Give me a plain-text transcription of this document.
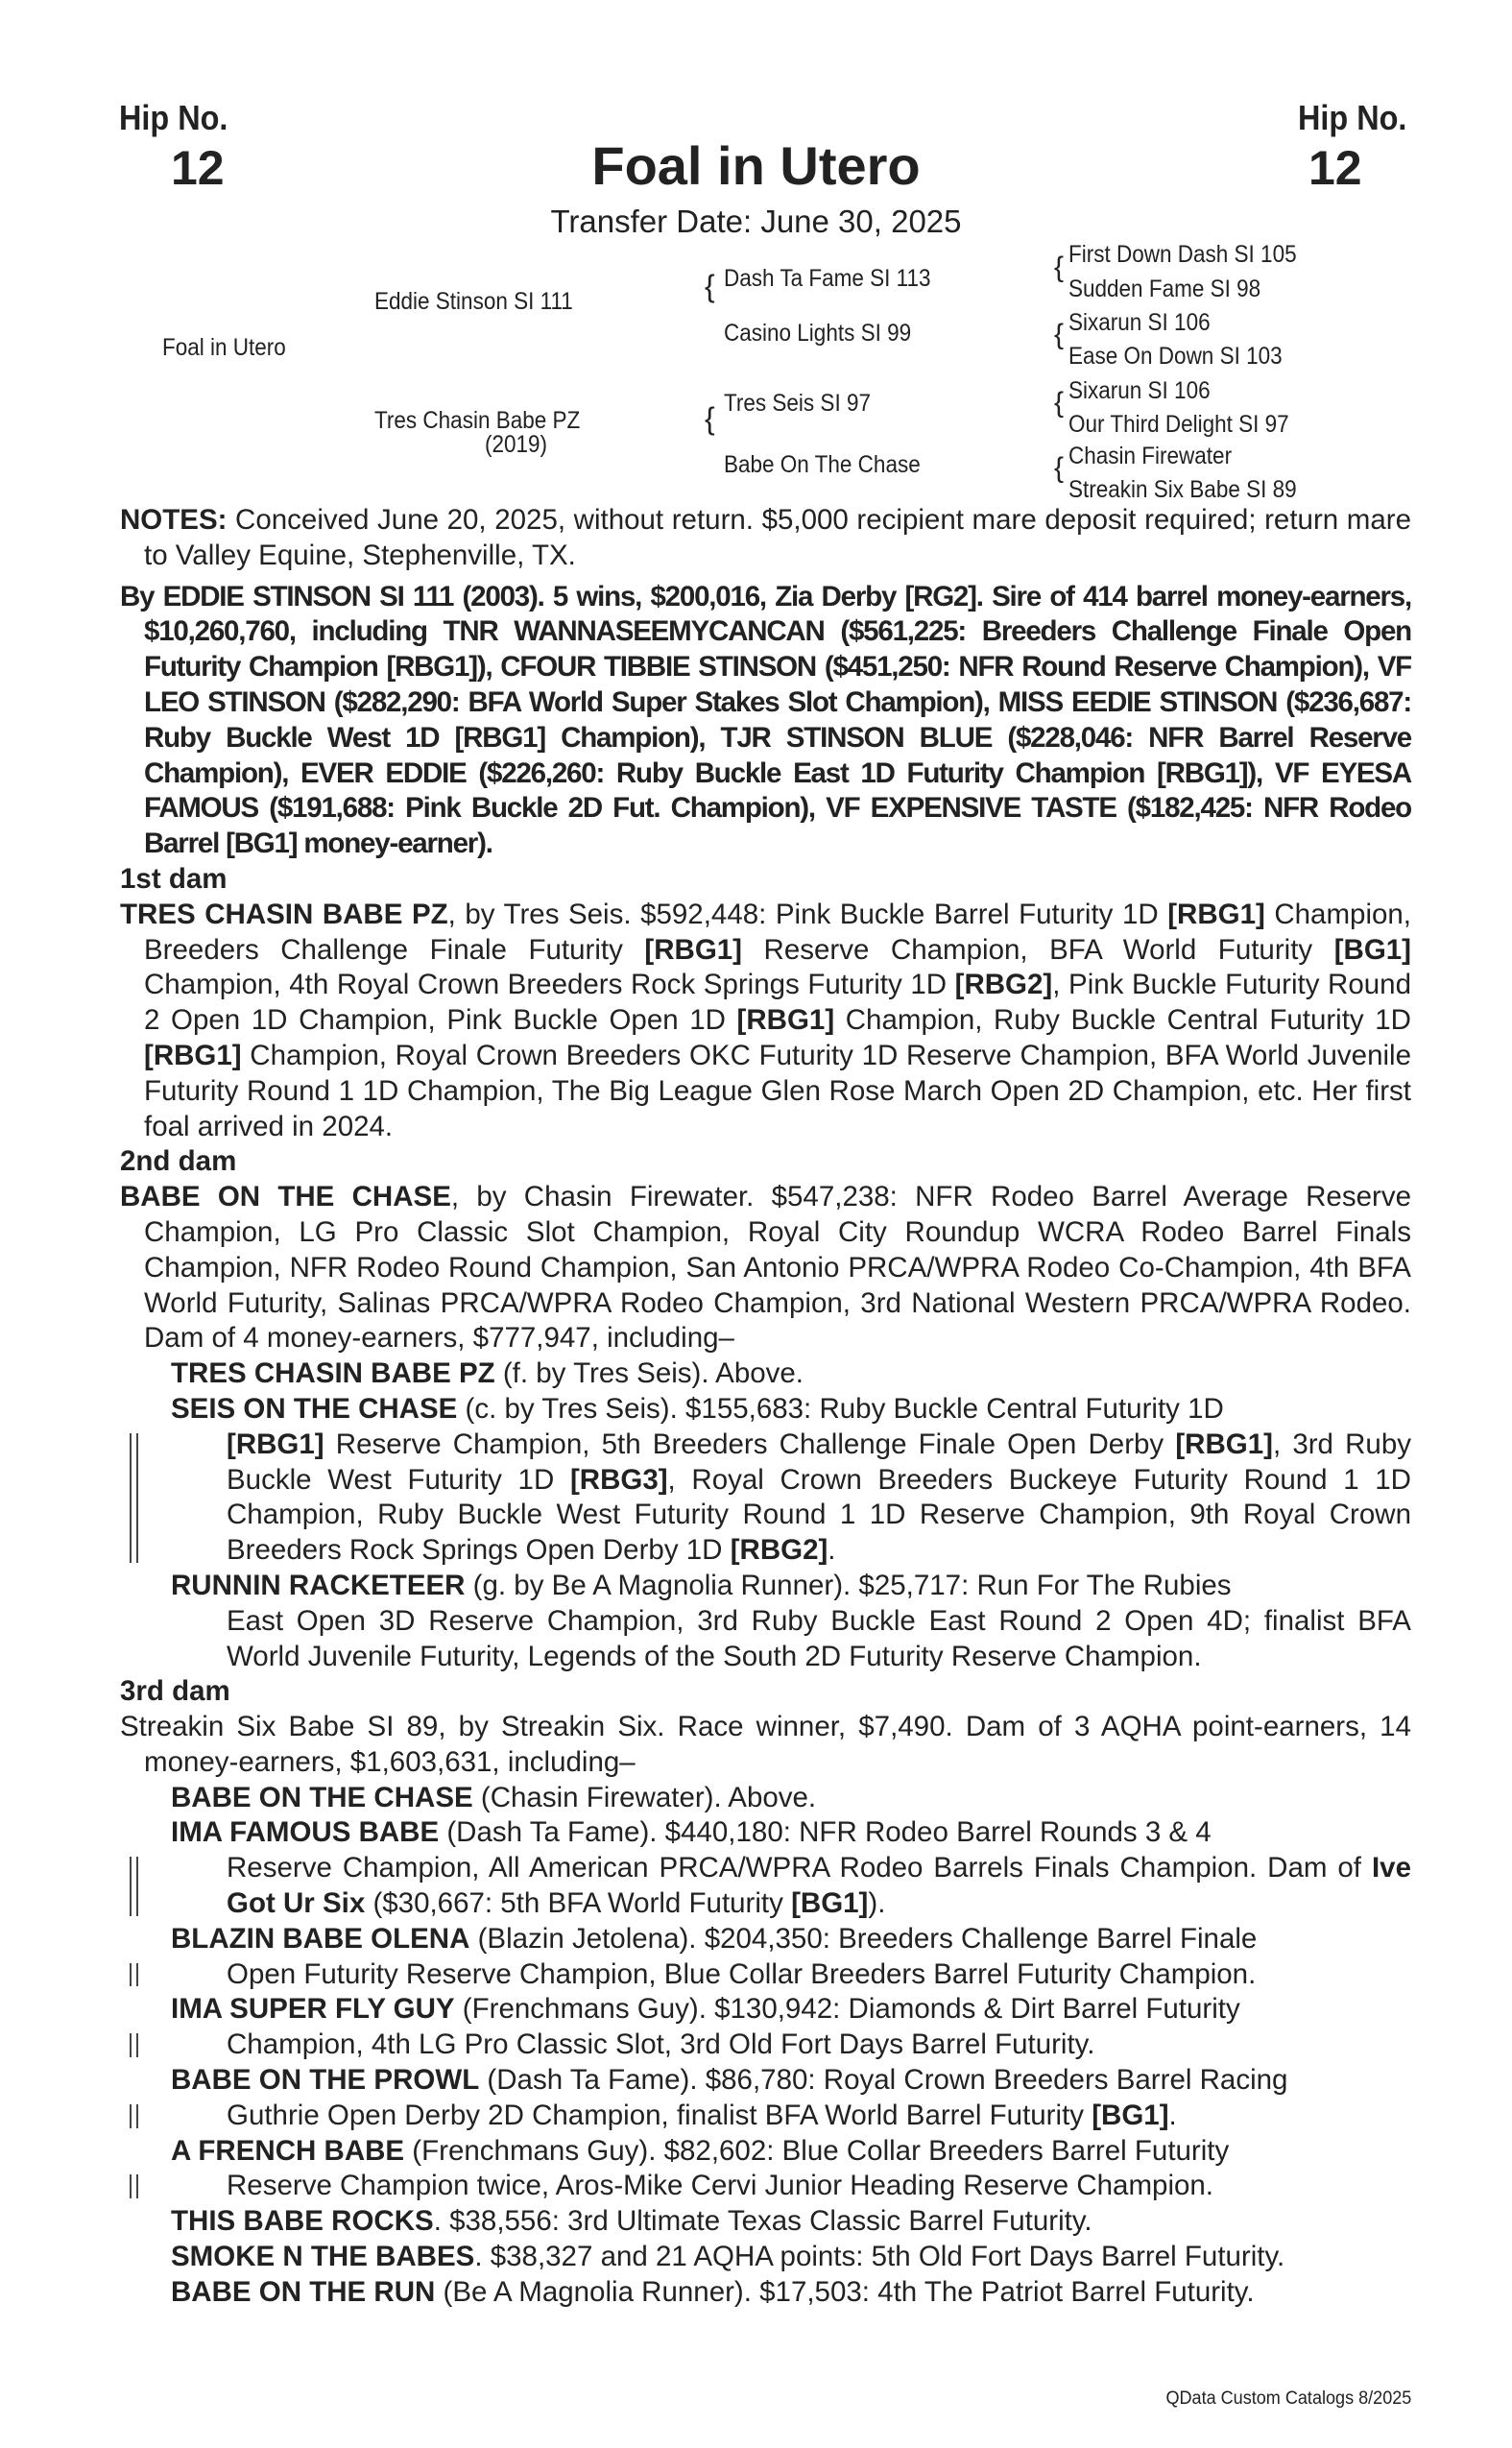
Hip No.
12
Hip No.
12
Foal in Utero
Transfer Date: June 30, 2025
Foal in Utero
Eddie Stinson SI 111
Tres Chasin Babe PZ
(2019)
{ Dash Ta Fame SI 113
Casino Lights SI 99
{ Tres Seis SI 97
Babe On The Chase
{ First Down Dash SI 105
Sudden Fame SI 98
{ Sixarun SI 106
Ease On Down SI 103
{ Sixarun SI 106
Our Third Delight SI 97
{ Chasin Firewater
Streakin Six Babe SI 89
NOTES: Conceived June 20, 2025, without return. $5,000 recipient mare deposit required; return mare to Valley Equine, Stephenville, TX.
By EDDIE STINSON SI 111 (2003). 5 wins, $200,016, Zia Derby [RG2]. Sire of 414 barrel money-earners, $10,260,760, including TNR WANNASEEMYCANCAN ($561,225: Breeders Challenge Finale Open Futurity Champion [RBG1]), CFOUR TIBBIE STINSON ($451,250: NFR Round Reserve Champion), VF LEO STINSON ($282,290: BFA World Super Stakes Slot Champion), MISS EEDIE STINSON ($236,687: Ruby Buckle West 1D [RBG1] Champion), TJR STINSON BLUE ($228,046: NFR Barrel Reserve Champion), EVER EDDIE ($226,260: Ruby Buckle East 1D Futurity Champion [RBG1]), VF EYESA FAMOUS ($191,688: Pink Buckle 2D Fut. Champion), VF EXPENSIVE TASTE ($182,425: NFR Rodeo Barrel [BG1] money-earner).
1st dam
TRES CHASIN BABE PZ, by Tres Seis. $592,448: Pink Buckle Barrel Futurity 1D [RBG1] Champion, Breeders Challenge Finale Futurity [RBG1] Reserve Champion, BFA World Futurity [BG1] Champion, 4th Royal Crown Breeders Rock Springs Futurity 1D [RBG2], Pink Buckle Futurity Round 2 Open 1D Champion, Pink Buckle Open 1D [RBG1] Champion, Ruby Buckle Central Futurity 1D [RBG1] Champion, Royal Crown Breeders OKC Futurity 1D Reserve Champion, BFA World Juvenile Futurity Round 1 1D Champion, The Big League Glen Rose March Open 2D Champion, etc. Her first foal arrived in 2024.
2nd dam
BABE ON THE CHASE, by Chasin Firewater. $547,238: NFR Rodeo Barrel Average Reserve Champion, LG Pro Classic Slot Champion, Royal City Roundup WCRA Rodeo Barrel Finals Champion, NFR Rodeo Round Champion, San Antonio PRCA/WPRA Rodeo Co-Champion, 4th BFA World Futurity, Salinas PRCA/WPRA Rodeo Champion, 3rd National Western PRCA/WPRA Rodeo. Dam of 4 money-earners, $777,947, including–
TRES CHASIN BABE PZ (f. by Tres Seis). Above.
SEIS ON THE CHASE (c. by Tres Seis). $155,683: Ruby Buckle Central Futurity 1D
[RBG1] Reserve Champion, 5th Breeders Challenge Finale Open Derby [RBG1], 3rd Ruby Buckle West Futurity 1D [RBG3], Royal Crown Breeders Buckeye Futurity Round 1 1D Champion, Ruby Buckle West Futurity Round 1 1D Reserve Champion, 9th Royal Crown Breeders Rock Springs Open Derby 1D [RBG2].
RUNNIN RACKETEER (g. by Be A Magnolia Runner). $25,717: Run For The Rubies
East Open 3D Reserve Champion, 3rd Ruby Buckle East Round 2 Open 4D; finalist BFA World Juvenile Futurity, Legends of the South 2D Futurity Reserve Champion.
3rd dam
Streakin Six Babe SI 89, by Streakin Six. Race winner, $7,490. Dam of 3 AQHA point-earners, 14 money-earners, $1,603,631, including–
BABE ON THE CHASE (Chasin Firewater). Above.
IMA FAMOUS BABE (Dash Ta Fame). $440,180: NFR Rodeo Barrel Rounds 3 & 4
Reserve Champion, All American PRCA/WPRA Rodeo Barrels Finals Champion. Dam of Ive Got Ur Six ($30,667: 5th BFA World Futurity [BG1]).
BLAZIN BABE OLENA (Blazin Jetolena). $204,350: Breeders Challenge Barrel Finale
Open Futurity Reserve Champion, Blue Collar Breeders Barrel Futurity Champion.
IMA SUPER FLY GUY (Frenchmans Guy). $130,942: Diamonds & Dirt Barrel Futurity
Champion, 4th LG Pro Classic Slot, 3rd Old Fort Days Barrel Futurity.
BABE ON THE PROWL (Dash Ta Fame). $86,780: Royal Crown Breeders Barrel Racing
Guthrie Open Derby 2D Champion, finalist BFA World Barrel Futurity [BG1].
A FRENCH BABE (Frenchmans Guy). $82,602: Blue Collar Breeders Barrel Futurity
Reserve Champion twice, Aros-Mike Cervi Junior Heading Reserve Champion.
THIS BABE ROCKS. $38,556: 3rd Ultimate Texas Classic Barrel Futurity.
SMOKE N THE BABES. $38,327 and 21 AQHA points: 5th Old Fort Days Barrel Futurity.
BABE ON THE RUN (Be A Magnolia Runner). $17,503: 4th The Patriot Barrel Futurity.
QData Custom Catalogs 8/2025
